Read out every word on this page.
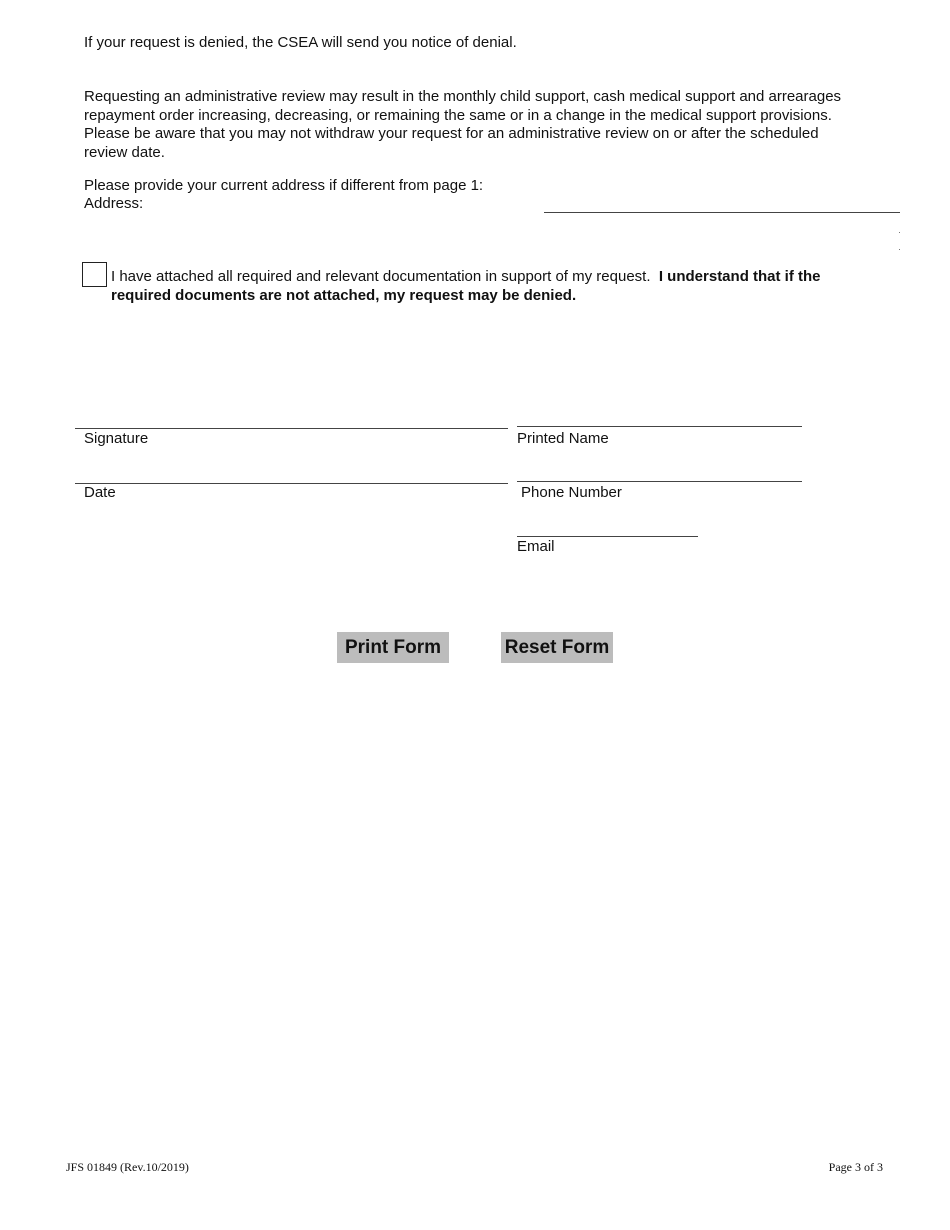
If your request is denied, the CSEA will send you notice of denial.
Requesting an administrative review may result in the monthly child support, cash medical support and arrearages
repayment order increasing, decreasing, or remaining the same or in a change in the medical support provisions.
Please be aware that you may not withdraw your request for an administrative review on or after the scheduled
review date.
Please provide your current address if different from page 1:
Address:
I have attached all required and relevant documentation in support of my request. I understand that if the
required documents are not attached, my request may be denied.
Signature	Printed Name
Date	Phone Number
Email
Print Form	Reset Form
JFS 01849 (Rev.10/2019)	Page 3 of 3
